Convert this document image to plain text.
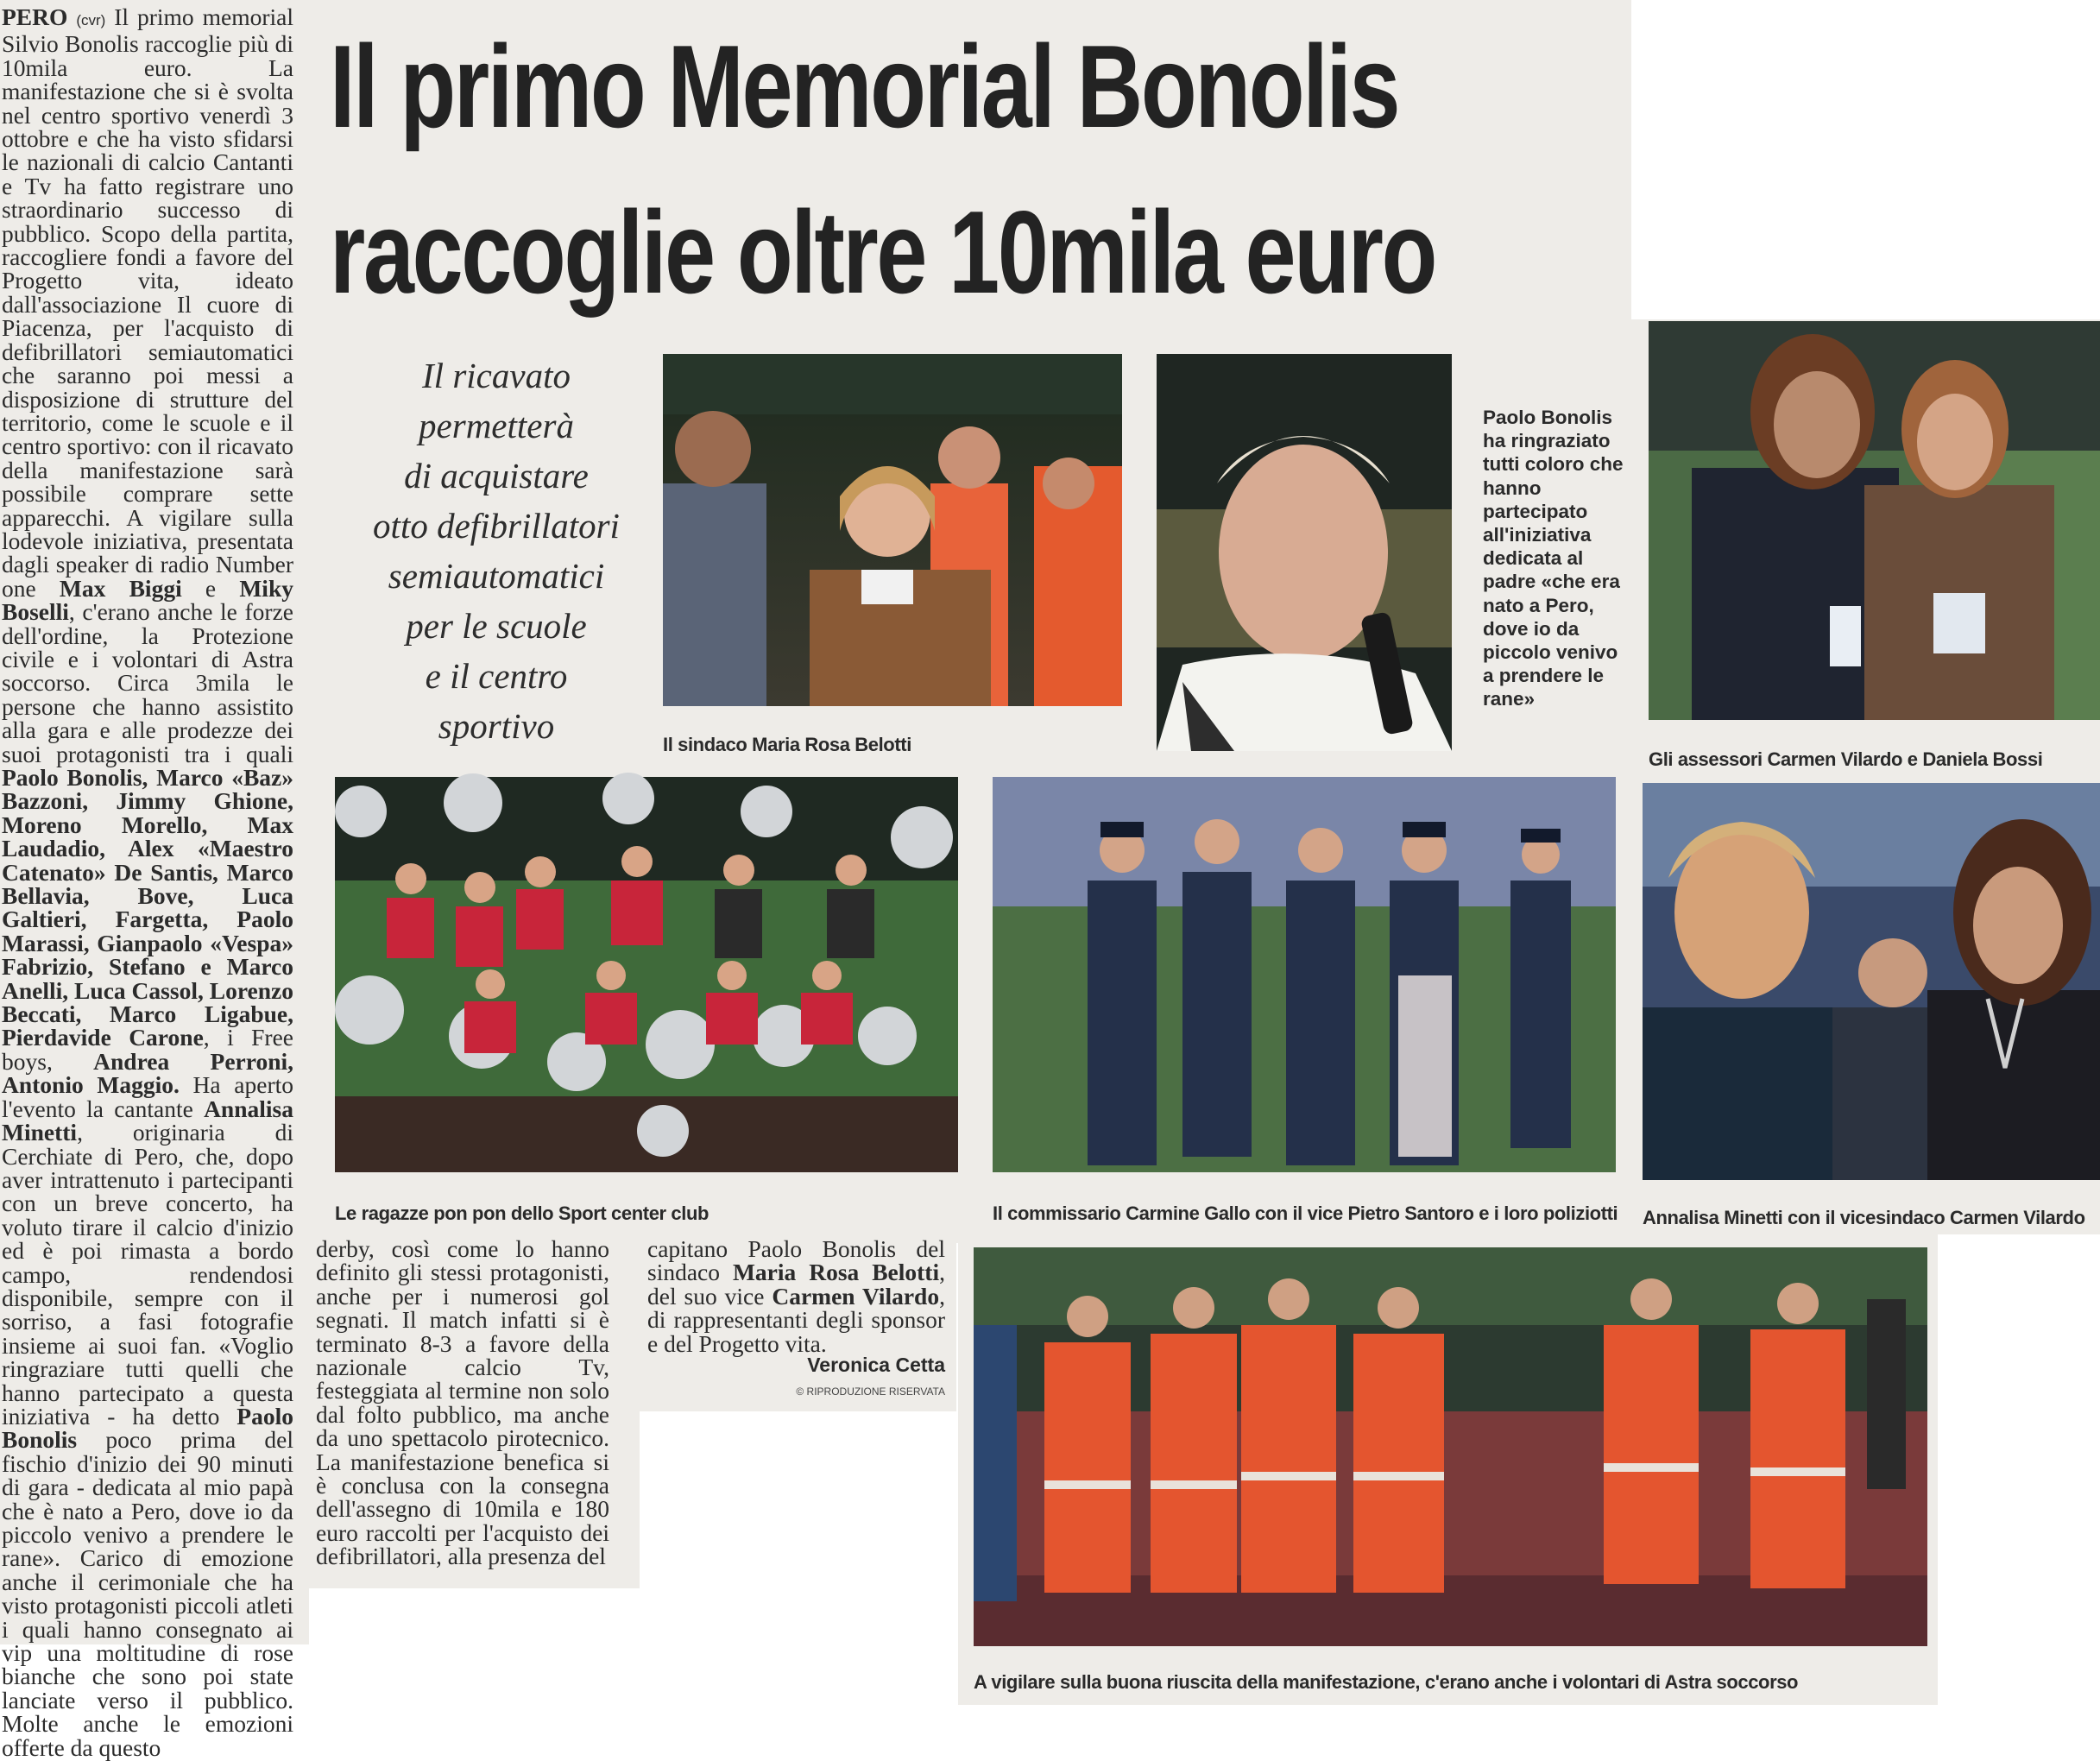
PERO (cvr) Il primo memorial Silvio Bonolis raccoglie più di 10mila euro. La manifestazione che si è svolta nel centro sportivo venerdì 3 ottobre e che ha visto sfidarsi le nazionali di calcio Cantanti e Tv ha fatto registrare uno straordinario successo di pubblico. Scopo della partita, raccogliere fondi a favore del Progetto vita, ideato dall'associazione Il cuore di Piacenza, per l'acquisto di defibrillatori semiautomatici che saranno poi messi a disposizione di strutture del territorio, come le scuole e il centro sportivo: con il ricavato della manifestazione sarà possibile comprare sette apparecchi. A vigilare sulla lodevole iniziativa, presentata dagli speaker di radio Number one Max Biggi e Miky Boselli, c'erano anche le forze dell'ordine, la Protezione civile e i volontari di Astra soccorso. Circa 3mila le persone che hanno assistito alla gara e alle prodezze dei suoi protagonisti tra i quali Paolo Bonolis, Marco «Baz» Bazzoni, Jimmy Ghione, Moreno Morello, Max Laudadio, Alex «Maestro Catenato» De Santis, Marco Bellavia, Bove, Luca Galtieri, Fargetta, Paolo Marassi, Gianpaolo «Vespa» Fabrizio, Stefano e Marco Anelli, Luca Cassol, Lorenzo Beccati, Marco Ligabue, Pierdavide Carone, i Free boys, Andrea Perroni, Antonio Maggio. Ha aperto l'evento la cantante Annalisa Minetti, originaria di Cerchiate di Pero, che, dopo aver intrattenuto i partecipanti con un breve concerto, ha voluto tirare il calcio d'inizio ed è poi rimasta a bordo campo, rendendosi disponibile, sempre con il sorriso, a fasi fotografie insieme ai suoi fan. «Voglio ringraziare tutti quelli che hanno partecipato a questa iniziativa - ha detto Paolo Bonolis poco prima del fischio d'inizio dei 90 minuti di gara - dedicata al mio papà che è nato a Pero, dove io da piccolo venivo a prendere le rane». Carico di emozione anche il cerimoniale che ha visto protagonisti piccoli atleti i quali hanno consegnato ai vip una moltitudine di rose bianche che sono poi state lanciate verso il pubblico. Molte anche le emozioni offerte da questo

Il primo Memorial Bonolis
raccoglie oltre 10mila euro
Il ricavato
permetterà
di acquistare
otto defibrillatori
semiautomatici
per le scuole
e il centro
sportivo	Il sindaco Maria Rosa Belotti
Paolo Bonolis ha ringraziato tutti coloro che hanno partecipato all'iniziativa dedicata al padre «che era nato a Pero, dove io da piccolo venivo a prendere le rane»
Gli assessori Carmen Vilardo e Daniela Bossi
Le ragazze pon pon dello Sport center club	Il commissario Carmine Gallo con il vice Pietro Santoro e i loro poliziotti Annalisa Minetti con il vicesindaco Carmen Vilardo
derby, così come lo hanno definito gli stessi protagonisti, anche per i numerosi gol segnati. Il match infatti si è terminato 8-3 a favore della nazionale calcio Tv, festeggiata al termine non solo dal folto pubblico, ma anche da uno spettacolo pirotecnico. La manifestazione benefica si è conclusa con la consegna dell'assegno di 10mila e 180 euro raccolti per l'acquisto dei defibrillatori, alla presenza del

capitano Paolo Bonolis del sindaco Maria Rosa Belotti, del suo vice Carmen Vilardo, di rappresentanti degli sponsor e del Progetto vita.

Veronica Cetta
© RIPRODUZIONE RISERVATA
A vigilare sulla buona riuscita della manifestazione, c'erano anche i volontari di Astra soccorso
